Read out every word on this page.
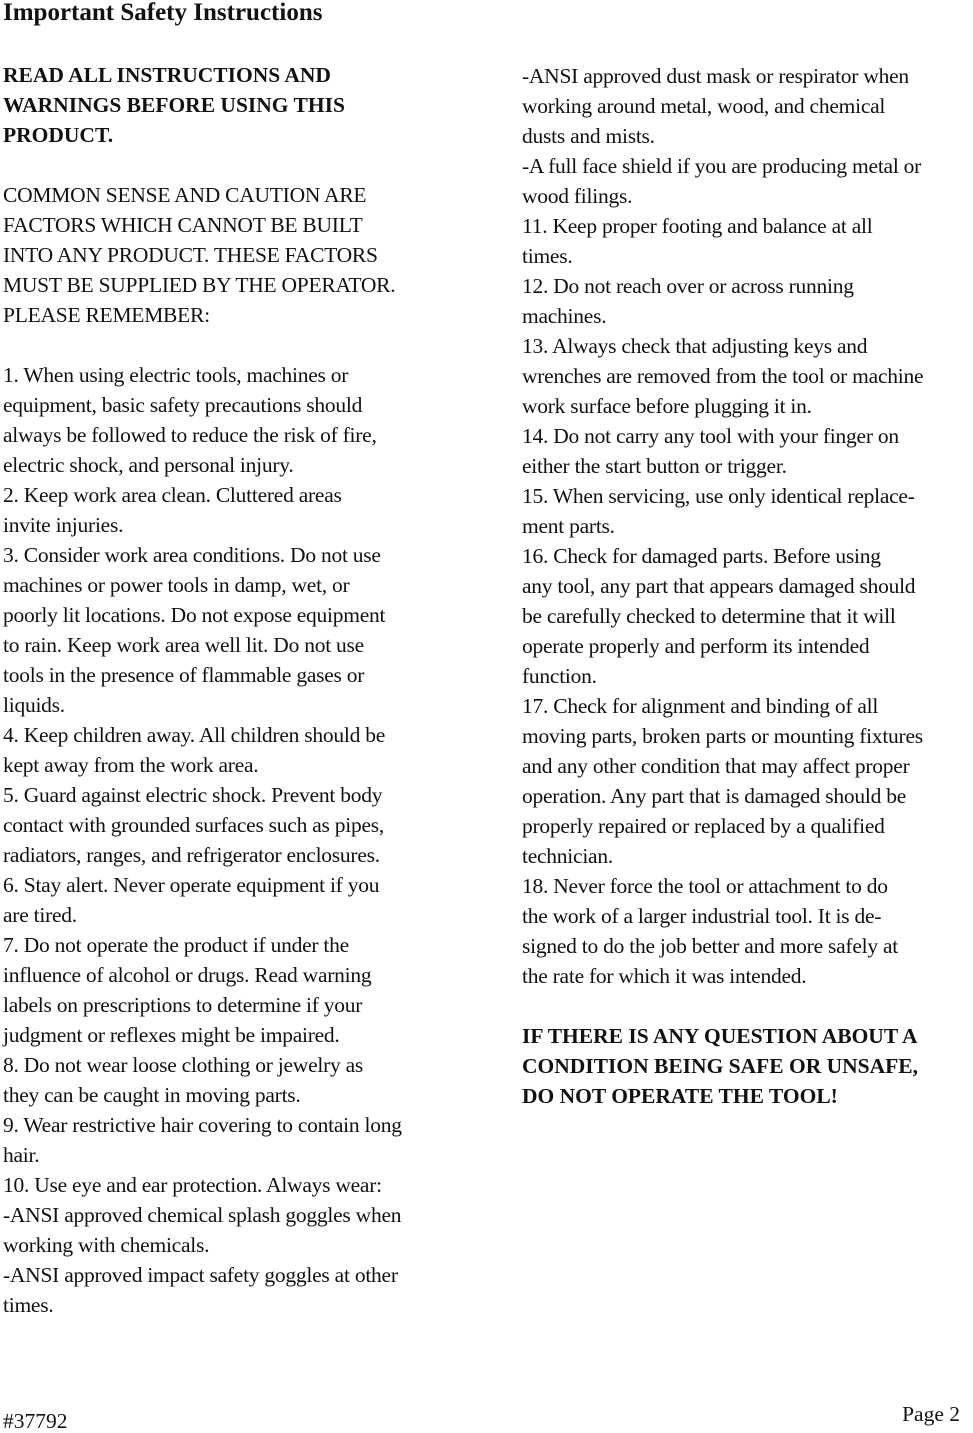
Important Safety Instructions
READ ALL INSTRUCTIONS AND
WARNINGS BEFORE USING THIS
PRODUCT.
COMMON SENSE AND CAUTION ARE
FACTORS WHICH CANNOT BE BUILT
INTO ANY PRODUCT. THESE FACTORS
MUST BE SUPPLIED BY THE OPERATOR.
PLEASE REMEMBER:
1. When using electric tools, machines or
equipment, basic safety precautions should
always be followed to reduce the risk of fire,
electric shock, and personal injury.
2. Keep work area clean. Cluttered areas
invite injuries.
3. Consider work area conditions. Do not use
machines or power tools in damp, wet, or
poorly lit locations. Do not expose equipment
to rain. Keep work area well lit. Do not use
tools in the presence of flammable gases or
liquids.
4. Keep children away. All children should be
kept away from the work area.
5. Guard against electric shock. Prevent body
contact with grounded surfaces such as pipes,
radiators, ranges, and refrigerator enclosures.
6. Stay alert. Never operate equipment if you
are tired.
7. Do not operate the product if under the
influence of alcohol or drugs. Read warning
labels on prescriptions to determine if your
judgment or reflexes might be impaired.
8. Do not wear loose clothing or jewelry as
they can be caught in moving parts.
9. Wear restrictive hair covering to contain long
hair.
10. Use eye and ear protection. Always wear:
-ANSI approved chemical splash goggles when
working with chemicals.
-ANSI approved impact safety goggles at other
times.
-ANSI approved dust mask or respirator when
working around metal, wood, and chemical
dusts and mists.
-A full face shield if you are producing metal or
wood filings.
11. Keep proper footing and balance at all
times.
12. Do not reach over or across running
machines.
13. Always check that adjusting keys and
wrenches are removed from the tool or machine
work surface before plugging it in.
14. Do not carry any tool with your finger on
either the start button or trigger.
15. When servicing, use only identical replace-
ment parts.
16. Check for damaged parts. Before using
any tool, any part that appears damaged should
be carefully checked to determine that it will
operate properly and perform its intended
function.
17. Check for alignment and binding of all
moving parts, broken parts or mounting fixtures
and any other condition that may affect proper
operation. Any part that is damaged should be
properly repaired or replaced by a qualified
technician.
18. Never force the tool or attachment to do
the work of a larger industrial tool. It is de-
signed to do the job better and more safely at
the rate for which it was intended.
IF THERE IS ANY QUESTION ABOUT A
CONDITION BEING SAFE OR UNSAFE,
DO NOT OPERATE THE TOOL!
#37792	Page 2
